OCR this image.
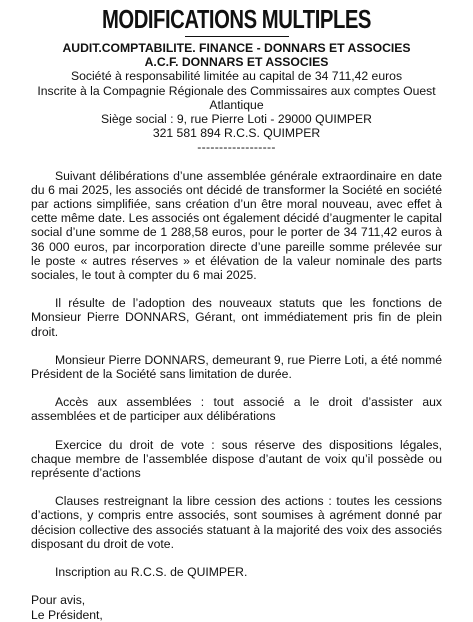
MODIFICATIONS MULTIPLES
AUDIT.COMPTABILITE. FINANCE - DONNARS ET ASSOCIES
A.C.F. DONNARS ET ASSOCIES
Société à responsabilité limitée au capital de 34 711,42 euros
Inscrite à la Compagnie Régionale des Commissaires aux comptes Ouest
Atlantique
Siège social : 9, rue Pierre Loti - 29000 QUIMPER
321 581 894 R.C.S. QUIMPER
------------------

Suivant délibérations d’une assemblée générale extraordinaire en date du 6 mai 2025, les associés ont décidé de transformer la Société en société par actions simplifiée, sans création d’un être moral nouveau, avec effet à cette même date. Les associés ont également décidé d’augmenter le capital social d’une somme de 1 288,58 euros, pour le porter de 34 711,42 euros à 36 000 euros, par incorporation directe d’une pareille somme prélevée sur le poste « autres réserves » et élévation de la valeur nominale des parts sociales, le tout à compter du 6 mai 2025.

Il résulte de l’adoption des nouveaux statuts que les fonctions de Monsieur Pierre DONNARS, Gérant, ont immédiatement pris fin de plein droit.

Monsieur Pierre DONNARS, demeurant 9, rue Pierre Loti, a été nommé Président de la Société sans limitation de durée.

Accès aux assemblées : tout associé a le droit d’assister aux assemblées et de participer aux délibérations

Exercice du droit de vote : sous réserve des dispositions légales, chaque membre de l’assemblée dispose d’autant de voix qu’il possède ou représente d’actions

Clauses restreignant la libre cession des actions : toutes les cessions d’actions, y compris entre associés, sont soumises à agrément donné par décision collective des associés statuant à la majorité des voix des associés disposant du droit de vote.

Inscription au R.C.S. de QUIMPER.

Pour avis,

Le Président,
